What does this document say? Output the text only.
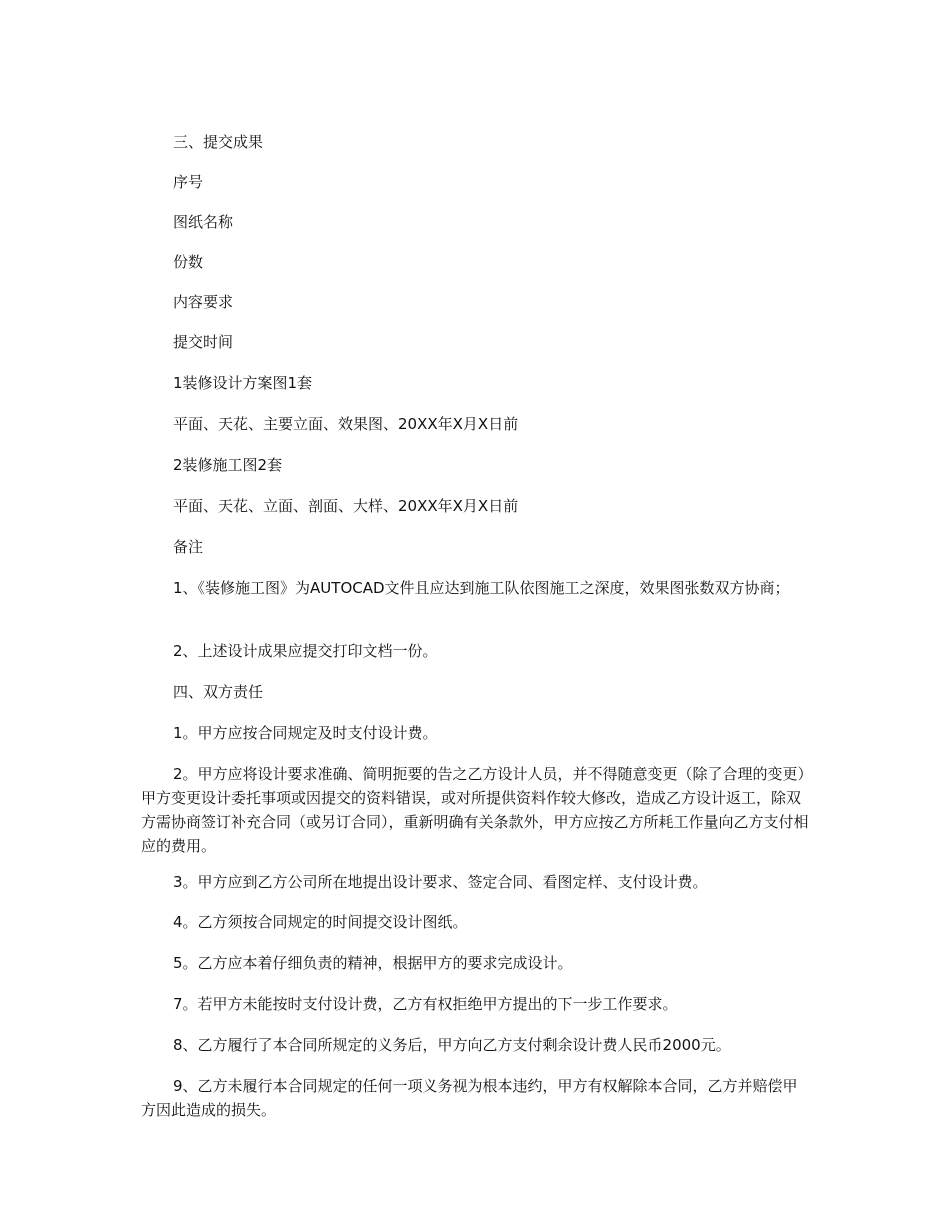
三、提交成果

序号

图纸名称

份数

内容要求

提交时间

1装修设计方案图1套

平面、天花、主要立面、效果图、20XX年X月X日前

2装修施工图2套

平面、天花、立面、剖面、大样、20XX年X月X日前

备注

1、《装修施工图》为AUTOCAD文件且应达到施工队依图施工之深度，效果图张数双方协商；

2、上述设计成果应提交打印文档一份。

四、双方责任

1。甲方应按合同规定及时支付设计费。

2。甲方应将设计要求准确、简明扼要的告之乙方设计人员，并不得随意变更（除了合理的变更）甲方变更设计委托事项或因提交的资料错误，或对所提供资料作较大修改，造成乙方设计返工，除双方需协商签订补充合同（或另订合同），重新明确有关条款外，甲方应按乙方所耗工作量向乙方支付相应的费用。

3。甲方应到乙方公司所在地提出设计要求、签定合同、看图定样、支付设计费。

4。乙方须按合同规定的时间提交设计图纸。

5。乙方应本着仔细负责的精神，根据甲方的要求完成设计。

7。若甲方未能按时支付设计费，乙方有权拒绝甲方提出的下一步工作要求。

8、乙方履行了本合同所规定的义务后，甲方向乙方支付剩余设计费人民币2000元。

9、乙方未履行本合同规定的任何一项义务视为根本违约，甲方有权解除本合同，乙方并赔偿甲方因此造成的损失。
